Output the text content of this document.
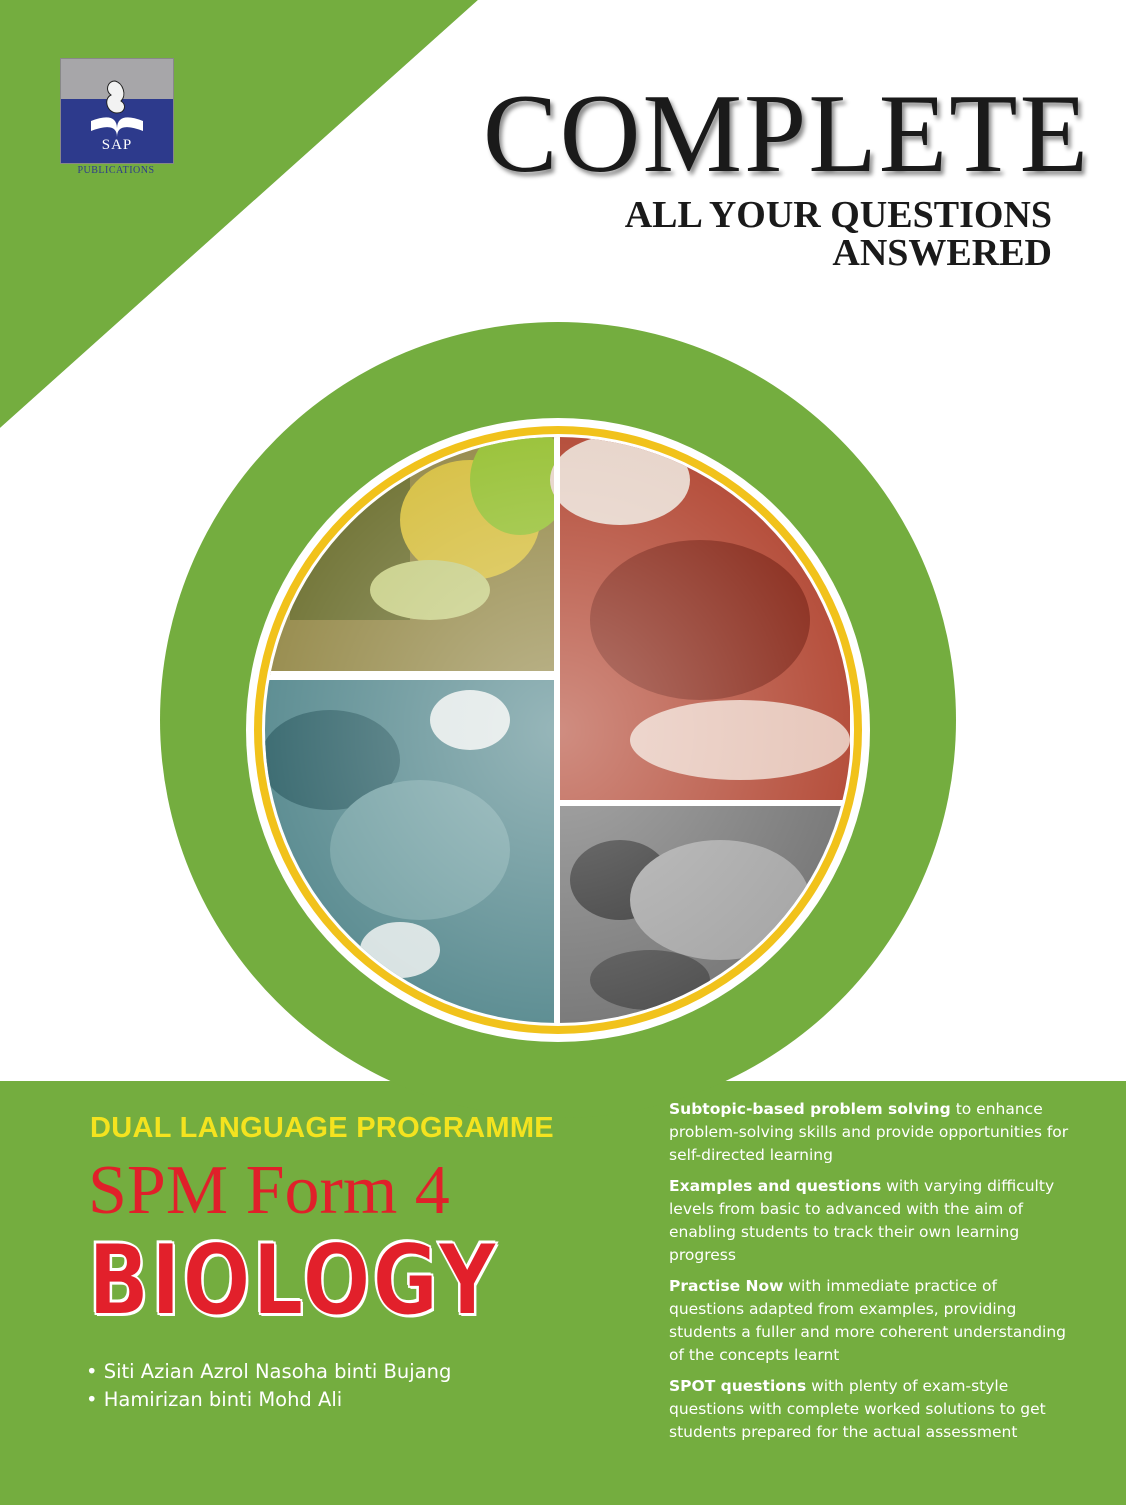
SAP
PUBLICATIONS	COMPLETE
ALL YOUR QUESTIONS ANSWERED
DUAL LANGUAGE PROGRAMME
SPM Form 4
BIOLOGY
• Siti Azian Azrol Nasoha binti Bujang
• Hamirizan binti Mohd Ali
Subtopic-based problem solving to enhance problem-solving skills and provide opportunities for self-directed learning
Examples and questions with varying difficulty levels from basic to advanced with the aim of enabling students to track their own learning progress
Practise Now with immediate practice of questions adapted from examples, providing students a fuller and more coherent understanding of the concepts learnt
SPOT questions with plenty of exam-style questions with complete worked solutions to get students prepared for the actual assessment
